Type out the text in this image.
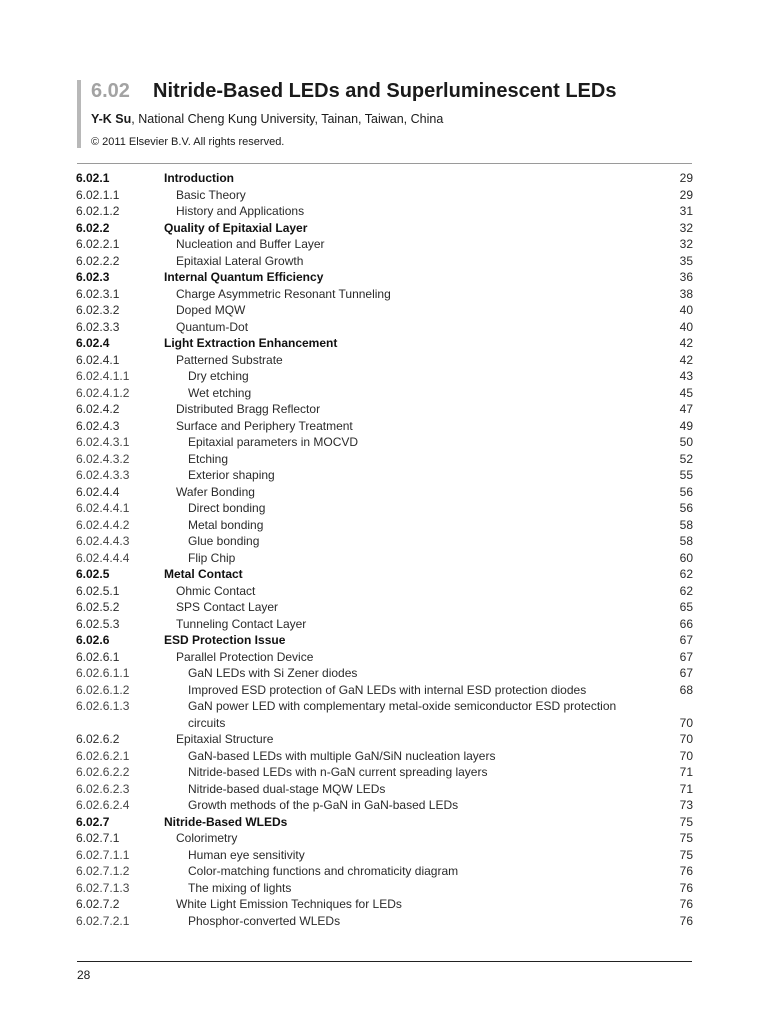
6.02	Nitride-Based LEDs and Superluminescent LEDs
Y-K Su, National Cheng Kung University, Tainan, Taiwan, China
© 2011 Elsevier B.V. All rights reserved.
6.02.1	Introduction	29
6.02.1.1	Basic Theory	29
6.02.1.2	History and Applications	31
6.02.2	Quality of Epitaxial Layer	32
6.02.2.1	Nucleation and Buffer Layer	32
6.02.2.2	Epitaxial Lateral Growth	35
6.02.3	Internal Quantum Efficiency	36
6.02.3.1	Charge Asymmetric Resonant Tunneling	38
6.02.3.2	Doped MQW	40
6.02.3.3	Quantum-Dot	40
6.02.4	Light Extraction Enhancement	42
6.02.4.1	Patterned Substrate	42
6.02.4.1.1	Dry etching	43
6.02.4.1.2	Wet etching	45
6.02.4.2	Distributed Bragg Reflector	47
6.02.4.3	Surface and Periphery Treatment	49
6.02.4.3.1	Epitaxial parameters in MOCVD	50
6.02.4.3.2	Etching	52
6.02.4.3.3	Exterior shaping	55
6.02.4.4	Wafer Bonding	56
6.02.4.4.1	Direct bonding	56
6.02.4.4.2	Metal bonding	58
6.02.4.4.3	Glue bonding	58
6.02.4.4.4	Flip Chip	60
6.02.5	Metal Contact	62
6.02.5.1	Ohmic Contact	62
6.02.5.2	SPS Contact Layer	65
6.02.5.3	Tunneling Contact Layer	66
6.02.6	ESD Protection Issue	67
6.02.6.1	Parallel Protection Device	67
6.02.6.1.1	GaN LEDs with Si Zener diodes	67
6.02.6.1.2	Improved ESD protection of GaN LEDs with internal ESD protection diodes	68
6.02.6.1.3	GaN power LED with complementary metal-oxide semiconductor ESD protection circuits	70
6.02.6.2	Epitaxial Structure	70
6.02.6.2.1	GaN-based LEDs with multiple GaN/SiN nucleation layers	70
6.02.6.2.2	Nitride-based LEDs with n-GaN current spreading layers	71
6.02.6.2.3	Nitride-based dual-stage MQW LEDs	71
6.02.6.2.4	Growth methods of the p-GaN in GaN-based LEDs	73
6.02.7	Nitride-Based WLEDs	75
6.02.7.1	Colorimetry	75
6.02.7.1.1	Human eye sensitivity	75
6.02.7.1.2	Color-matching functions and chromaticity diagram	76
6.02.7.1.3	The mixing of lights	76
6.02.7.2	White Light Emission Techniques for LEDs	76
6.02.7.2.1	Phosphor-converted WLEDs	76
28
